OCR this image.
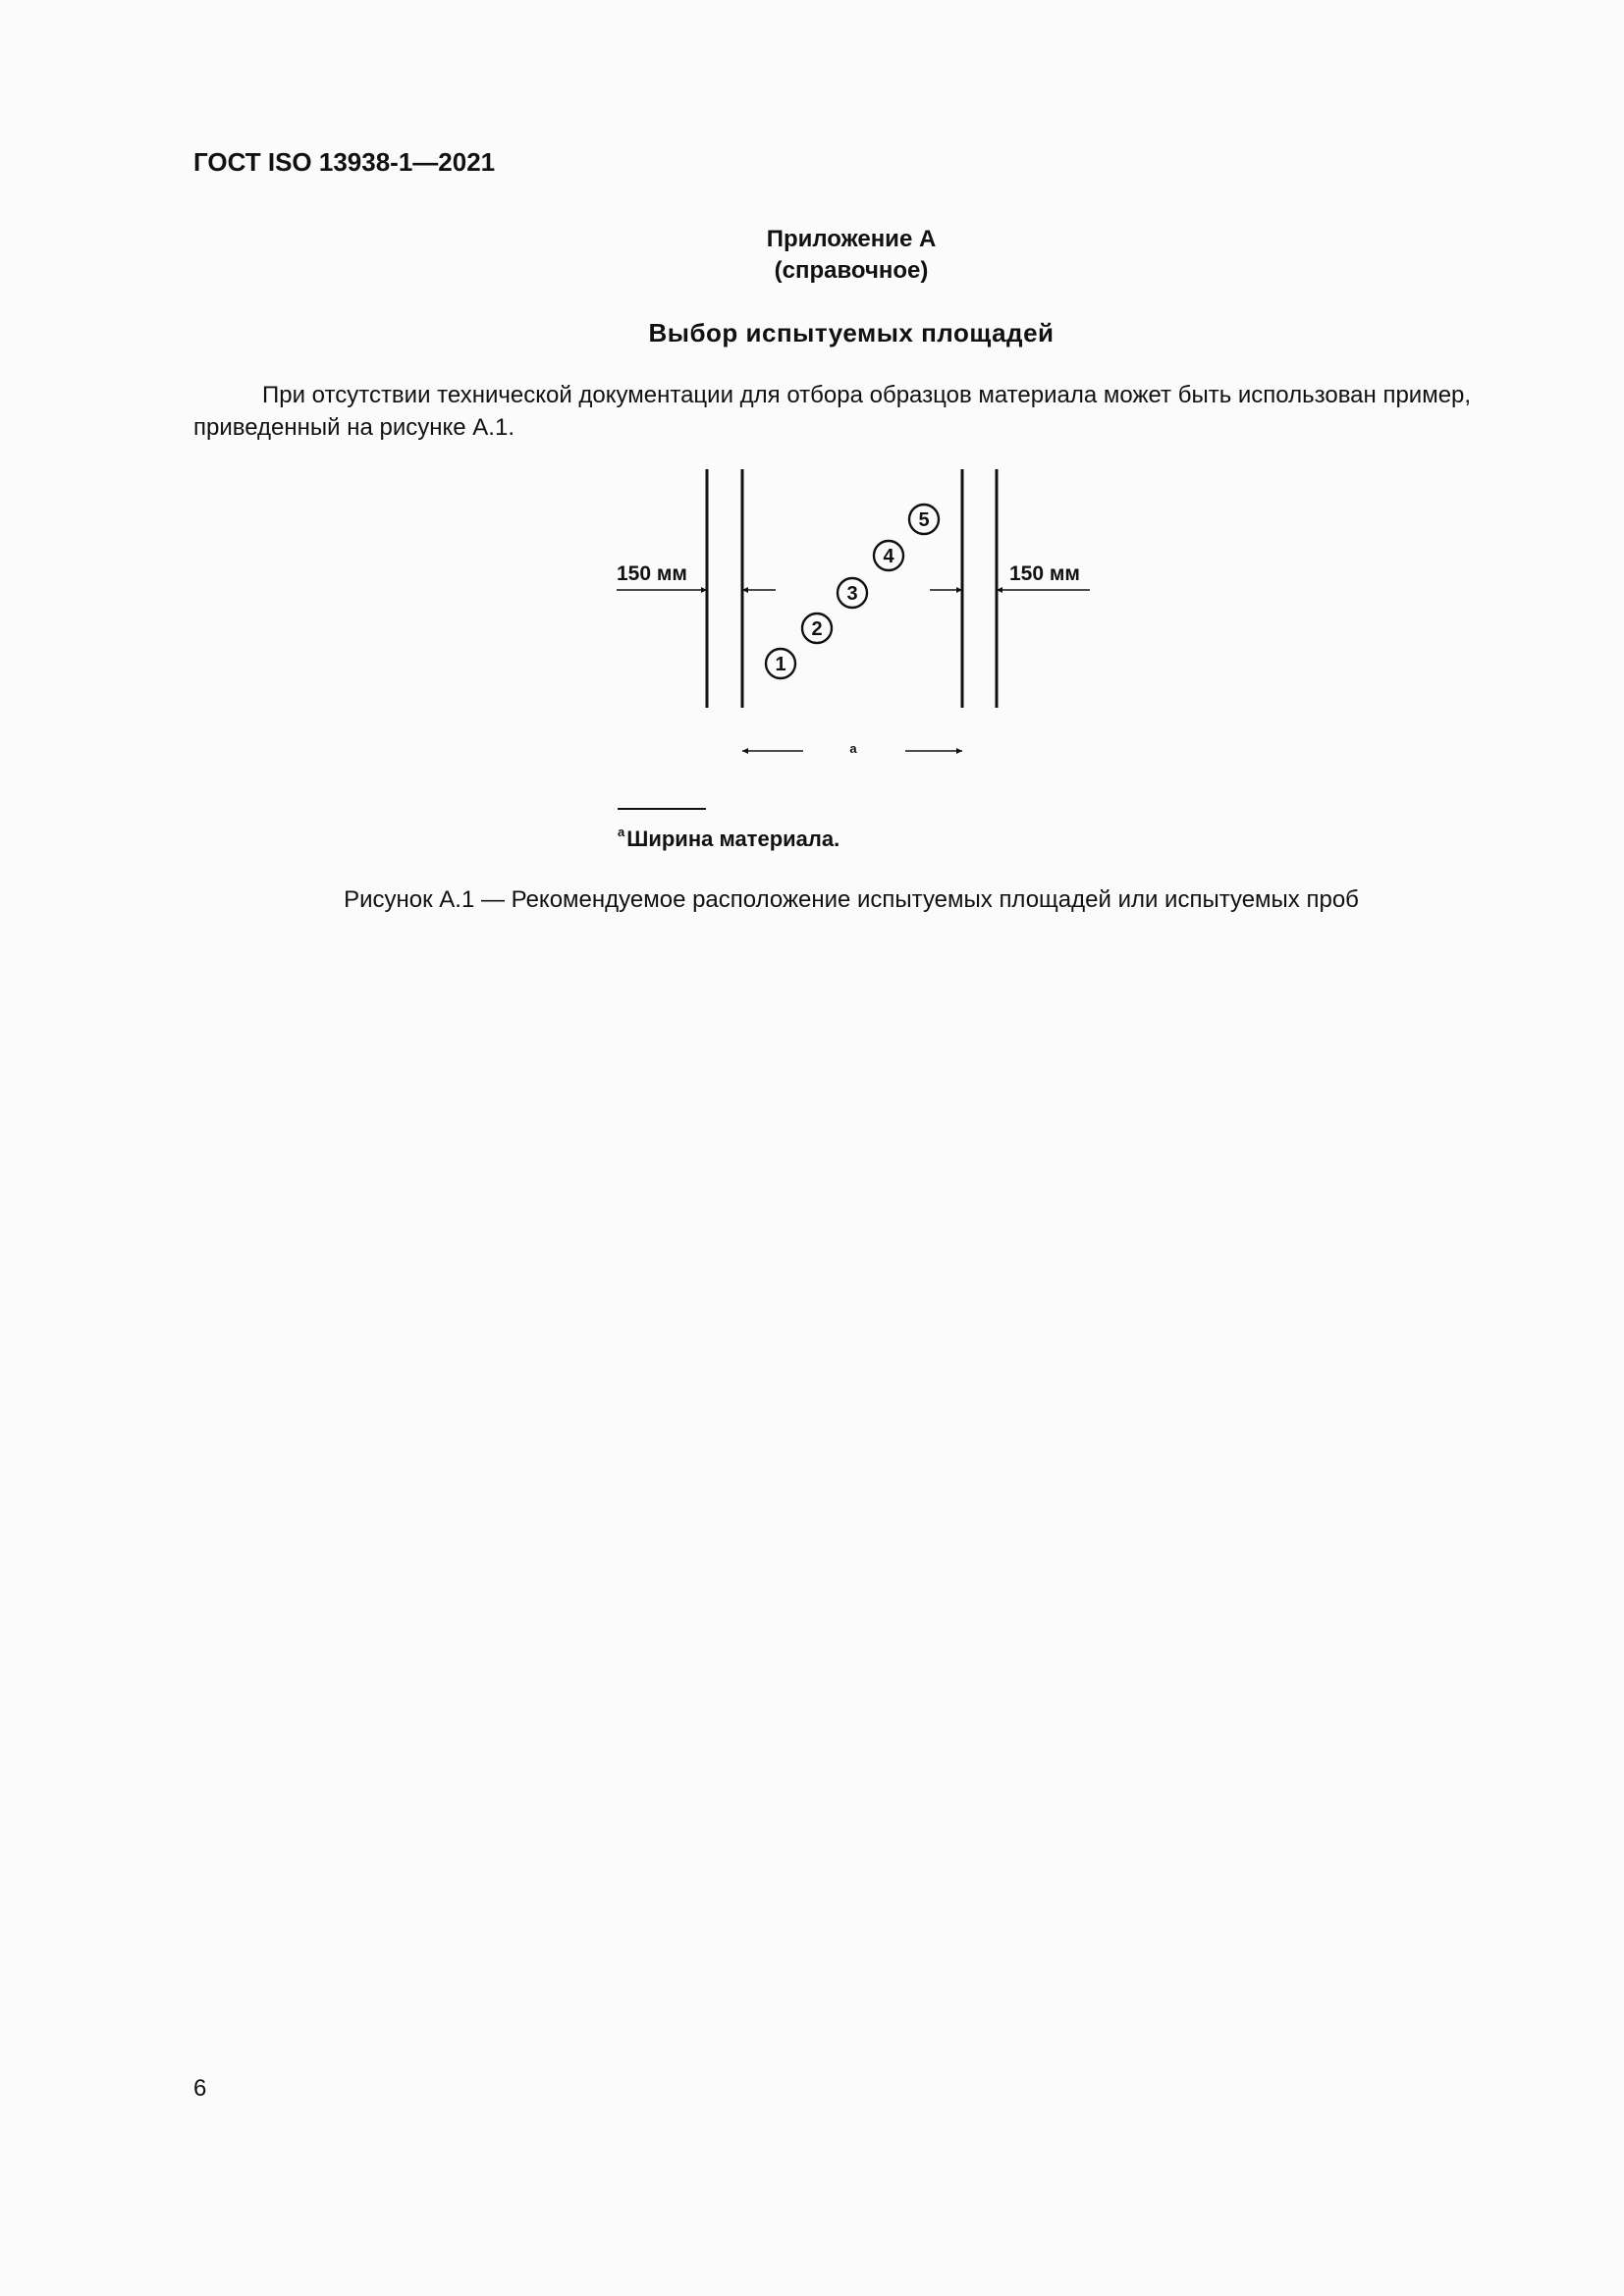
ГОСТ ISO 13938-1—2021
Приложение А
(справочное)
Выбор испытуемых площадей
При отсутствии технической документации для отбора образцов материала может быть использован пример, приведенный на рисунке А.1.
150 мм	150 мм
1
2
3
4
5
a
$^a$Ширина материала.
Рисунок А.1 — Рекомендуемое расположение испытуемых площадей или испытуемых проб
6
